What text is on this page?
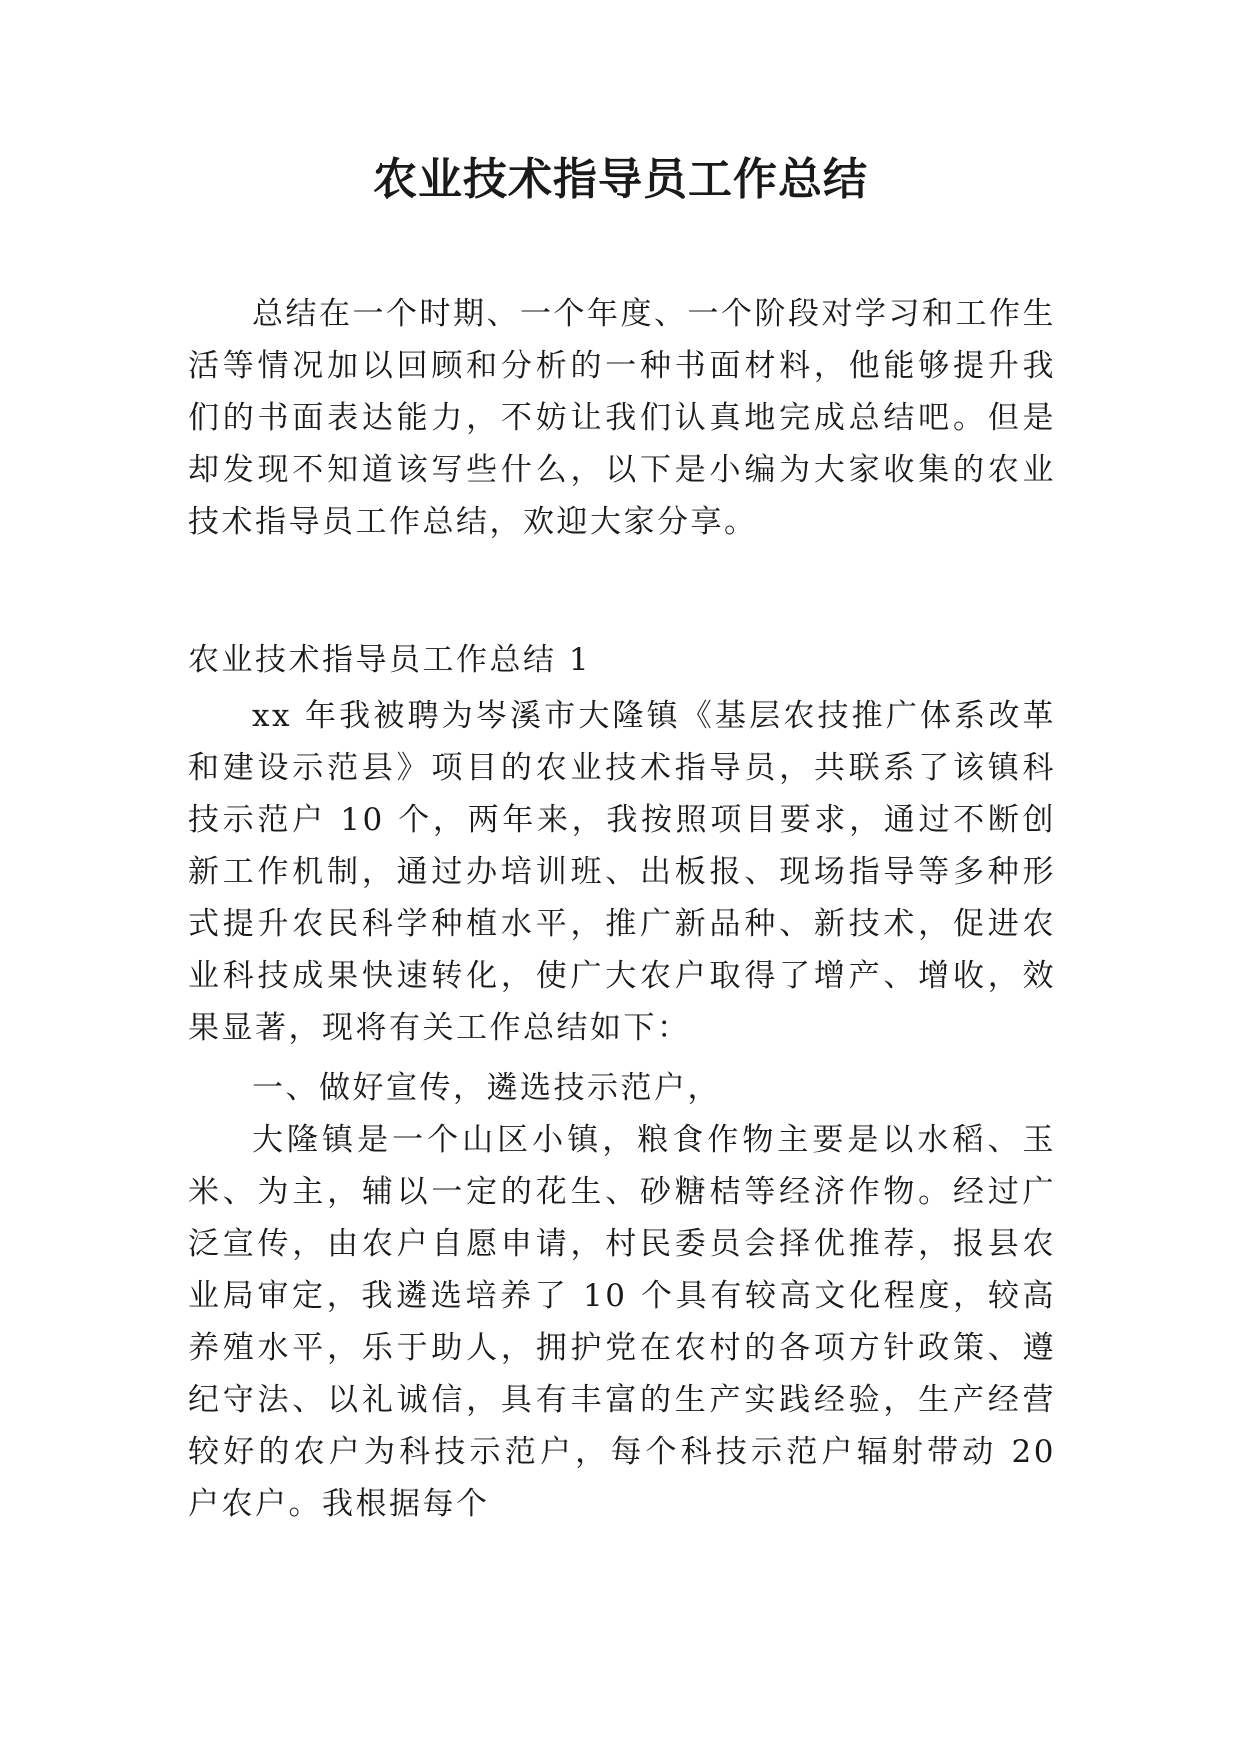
农业技术指导员工作总结

总结在一个时期、一个年度、一个阶段对学习和工作生活等情况加以回顾和分析的一种书面材料，他能够提升我们的书面表达能力，不妨让我们认真地完成总结吧。但是却发现不知道该写些什么，以下是小编为大家收集的农业技术指导员工作总结，欢迎大家分享。

农业技术指导员工作总结 1

xx 年我被聘为岑溪市大隆镇《基层农技推广体系改革和建设示范县》项目的农业技术指导员，共联系了该镇科技示范户 10 个，两年来，我按照项目要求，通过不断创新工作机制，通过办培训班、出板报、现场指导等多种形式提升农民科学种植水平，推广新品种、新技术，促进农业科技成果快速转化，使广大农户取得了增产、增收，效果显著，现将有关工作总结如下：

一、做好宣传，遴选技示范户，

大隆镇是一个山区小镇，粮食作物主要是以水稻、玉米、为主，辅以一定的花生、砂糖桔等经济作物。经过广泛宣传，由农户自愿申请，村民委员会择优推荐，报县农业局审定，我遴选培养了 10 个具有较高文化程度，较高养殖水平，乐于助人，拥护党在农村的各项方针政策、遵纪守法、以礼诚信，具有丰富的生产实践经验，生产经营较好的农户为科技示范户，每个科技示范户辐射带动 20 户农户。我根据每个
